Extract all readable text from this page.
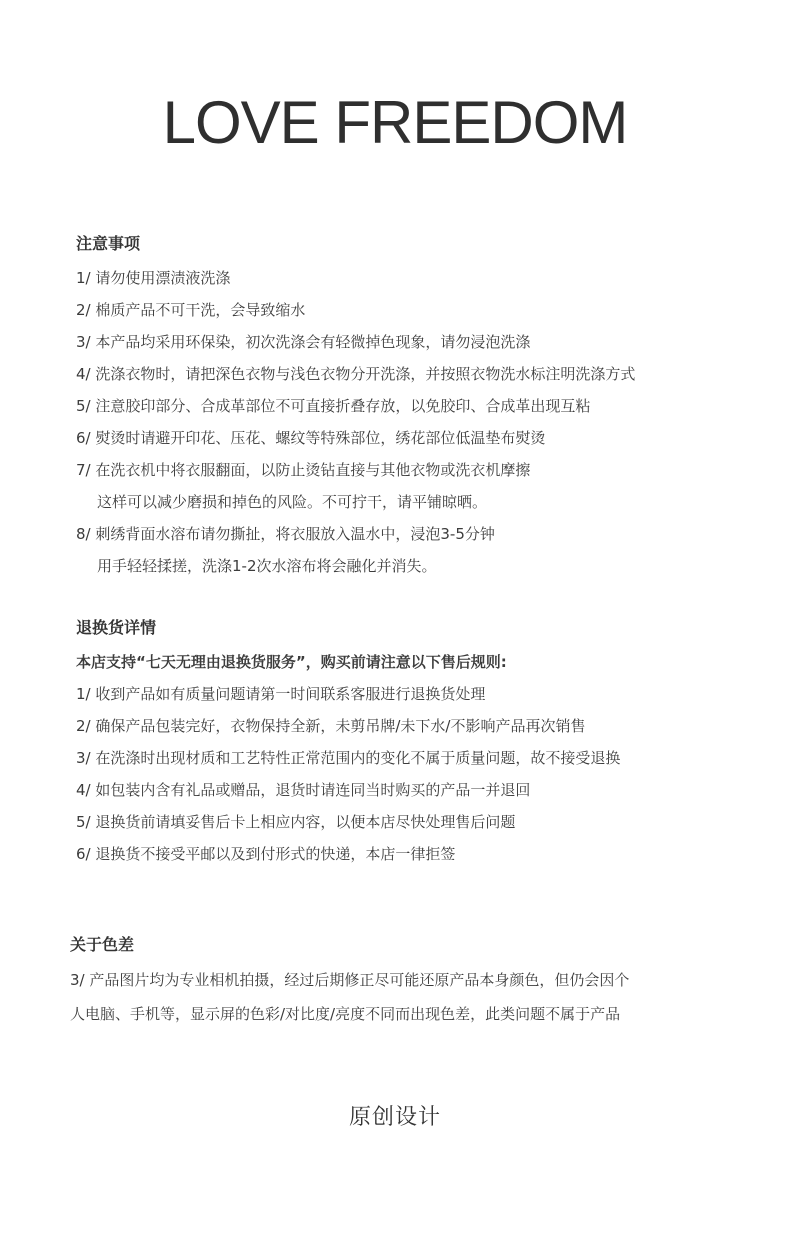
LOVE FREEDOM
注意事项
1/ 请勿使用漂渍液洗涤
2/ 棉质产品不可干洗，会导致缩水
3/ 本产品均采用环保染，初次洗涤会有轻微掉色现象，请勿浸泡洗涤
4/ 洗涤衣物时，请把深色衣物与浅色衣物分开洗涤，并按照衣物洗水标注明洗涤方式
5/ 注意胶印部分、合成革部位不可直接折叠存放，以免胶印、合成革出现互粘
6/ 熨烫时请避开印花、压花、螺纹等特殊部位，绣花部位低温垫布熨烫
7/ 在洗衣机中将衣服翻面，以防止烫钻直接与其他衣物或洗衣机摩擦
这样可以减少磨损和掉色的风险。不可拧干，请平铺晾晒。
8/ 刺绣背面水溶布请勿撕扯，将衣服放入温水中，浸泡3-5分钟
用手轻轻揉搓，洗涤1-2次水溶布将会融化并消失。
退换货详情
本店支持“七天无理由退换货服务”，购买前请注意以下售后规则:
1/ 收到产品如有质量问题请第一时间联系客服进行退换货处理
2/ 确保产品包装完好，衣物保持全新，未剪吊牌/未下水/不影响产品再次销售
3/ 在洗涤时出现材质和工艺特性正常范围内的变化不属于质量问题，故不接受退换
4/ 如包装内含有礼品或赠品，退货时请连同当时购买的产品一并退回
5/ 退换货前请填妥售后卡上相应内容，以便本店尽快处理售后问题
6/ 退换货不接受平邮以及到付形式的快递，本店一律拒签
关于色差
3/ 产品图片均为专业相机拍摄，经过后期修正尽可能还原产品本身颜色，但仍会因个
人电脑、手机等，显示屏的色彩/对比度/亮度不同而出现色差，此类问题不属于产品
原创设计
